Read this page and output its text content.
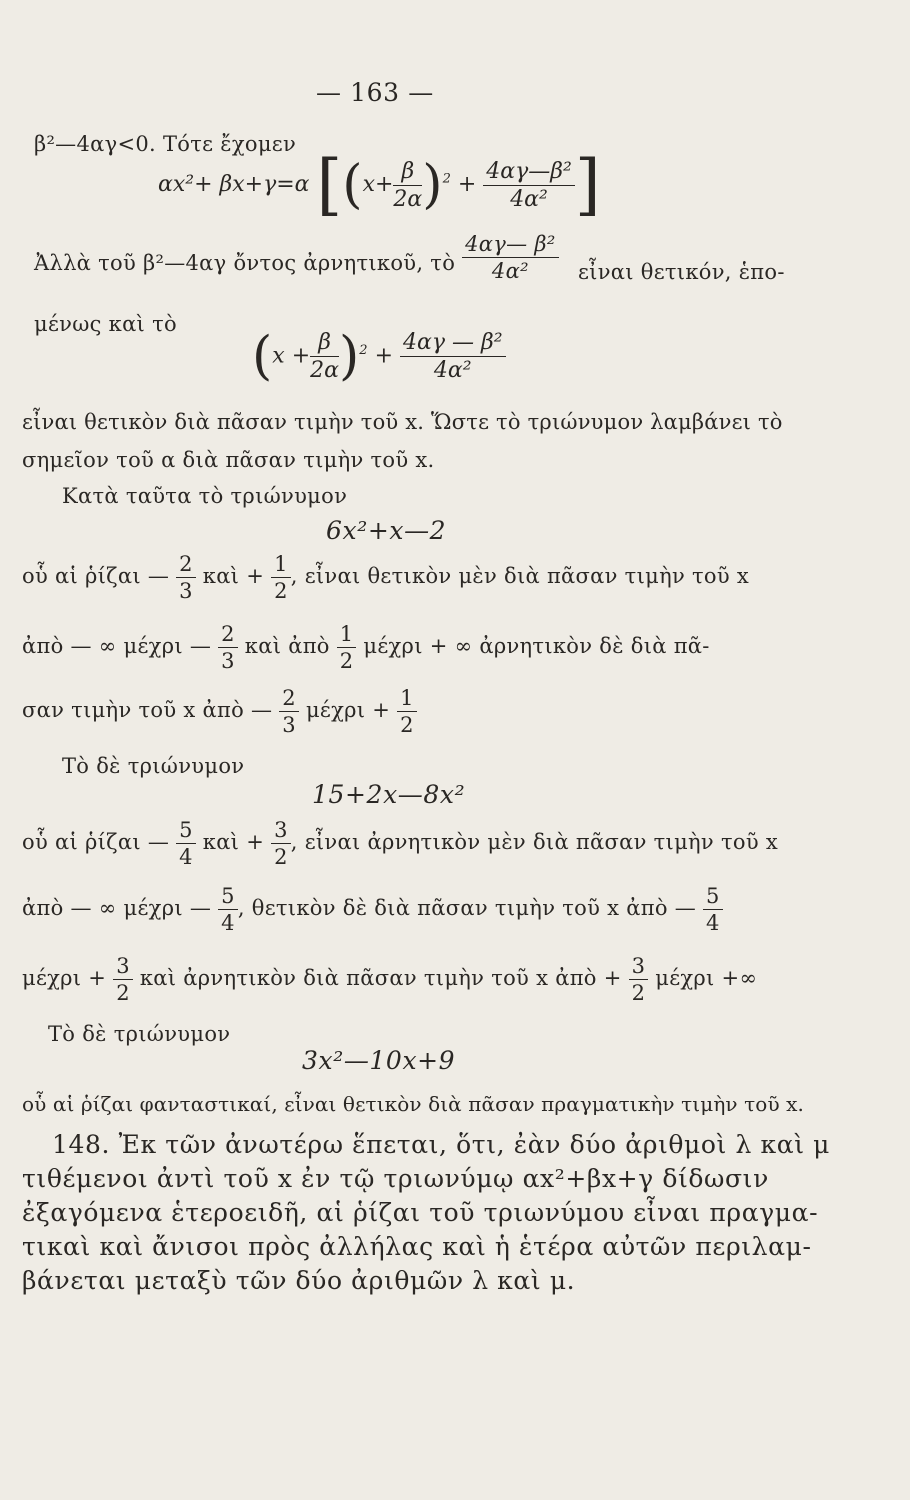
— 163 —
β²—4αγ<0. Τότε ἔχομεν
αx²+ βx+γ=α [$(x+ \frac{\beta}{2\alpha} )^2 + \frac{\text{4αγ—β²}}{\text{4α²}}$ ]
Ἀλλὰ τοῦ β²—4αγ ὄντος ἀρνητικοῦ, τὸ $\frac{\text{4αγ— β²}}{\text{4α²}}$ εἶναι θετικόν, ἑπο-
μένως καὶ τὸ
$(x + \frac{\beta}{2\alpha} )^2 + \frac{\text{4αγ — β²}}{\text{4α²}}$
εἶναι θετικὸν διὰ πᾶσαν τιμὴν τοῦ x. Ὥστε τὸ τριώνυμον λαμβάνει τὸ
σημεῖον τοῦ α διὰ πᾶσαν τιμὴν τοῦ x.
Κατὰ ταῦτα τὸ τριώνυμον
6x²+x—2
οὗ αἱ ῥίζαι — $\frac{2}{3}$ καὶ + $\frac{1}{2}$ , εἶναι θετικὸν μὲν διὰ πᾶσαν τιμὴν τοῦ x
ἀπὸ — ∞ μέχρι — $\frac{2}{3}$ καὶ ἀπὸ $\frac{1}{2}$ μέχρι + ∞ ἀρνητικὸν δὲ διὰ πᾶ-
σαν τιμὴν τοῦ x ἀπὸ — $\frac{2}{3}$ $\mu έ\chi\rho\iota + \frac{1}{2}$
Τὸ δὲ τριώνυμον
15+2x—8x²
οὗ αἱ ῥίζαι — $\frac{5}{4}$ καὶ + $\frac{3}{2}$ , εἶναι ἀρνητικὸν μὲν διὰ πᾶσαν τιμὴν τοῦ x
ἀπὸ — ∞ μέχρι — $\frac{5}{4}$ , θετικὸν δὲ διὰ πᾶσαν τιμὴν τοῦ x ἀπὸ — $\frac{5}{4}$
$\mu έ\chi\rho\iota + \frac{3}{2}$ καὶ ἀρνητικὸν διὰ πᾶσαν τιμὴν τοῦ x ἀπὸ + $\frac{3}{2}$ μέχρι +∞
Τὸ δὲ τριώνυμον
3x²—10x+9
οὗ αἱ ῥίζαι φανταστικαί, εἶναι θετικὸν διὰ πᾶσαν πραγματικὴν τιμὴν τοῦ x.
148. Ἐκ τῶν ἀνωτέρω ἕπεται, ὅτι, ἐὰν δύο ἀριθμοὶ λ καὶ μ
τιθέμενοι ἀντὶ τοῦ x ἐν τῷ τριωνύμῳ αx²+βx+γ δίδωσιν
ἐξαγόμενα ἑτεροειδῆ, αἱ ῥίζαι τοῦ τριωνύμου εἶναι πραγμα-
τικαὶ καὶ ἄνισοι πρὸς ἀλλήλας καὶ ἡ ἑτέρα αὐτῶν περιλαμ-
βάνεται μεταξὺ τῶν δύο ἀριθμῶν λ καὶ μ.
